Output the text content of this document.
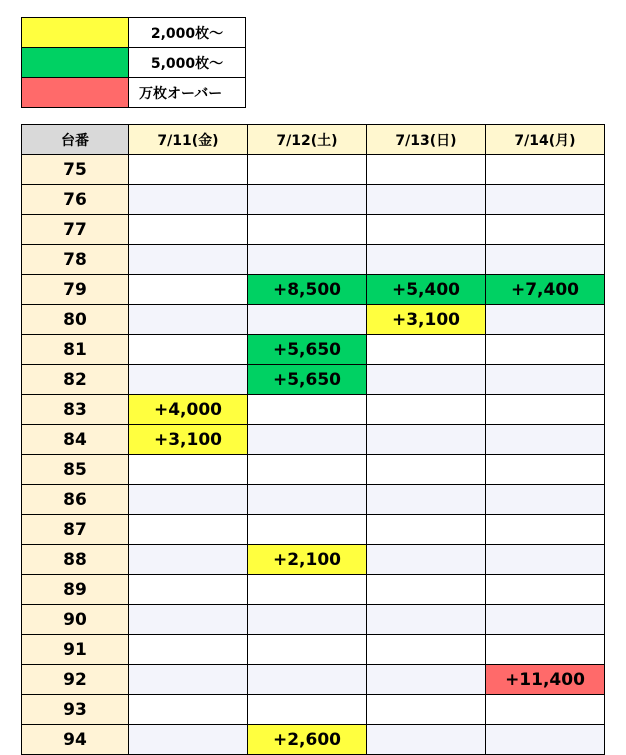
	2,000枚～
	5,000枚～
	万枚オーバー
台番	7/11(金)	7/12(土)	7/13(日)	7/14(月)
75				
76				
77				
78				
79		+8,500	+5,400	+7,400
80			+3,100	
81		+5,650		
82		+5,650		
83	+4,000			
84	+3,100			
85				
86				
87				
88		+2,100		
89				
90				
91				
92				+11,400
93				
94		+2,600		
